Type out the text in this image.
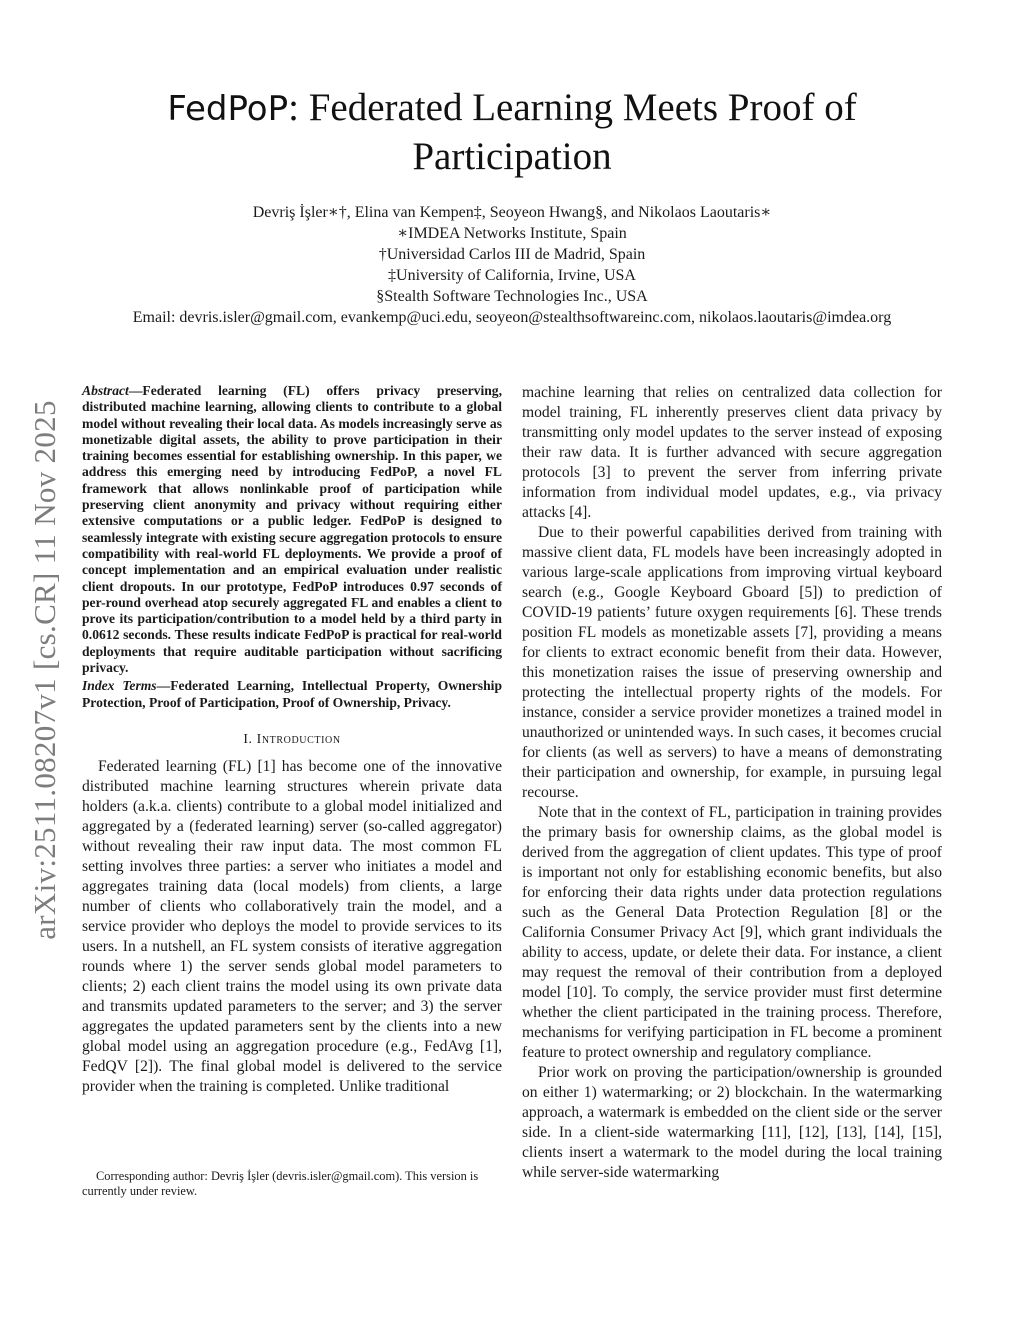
arXiv:2511.08207v1 [cs.CR] 11 Nov 2025
FedPoP: Federated Learning Meets Proof of Participation
Devriş İşler∗†, Elina van Kempen‡, Seoyeon Hwang§, and Nikolaos Laoutaris∗
∗IMDEA Networks Institute, Spain
†Universidad Carlos III de Madrid, Spain
‡University of California, Irvine, USA
§Stealth Software Technologies Inc., USA
Email: devris.isler@gmail.com, evankemp@uci.edu, seoyeon@stealthsoftwareinc.com, nikolaos.laoutaris@imdea.org

Abstract—Federated learning (FL) offers privacy preserving, distributed machine learning, allowing clients to contribute to a global model without revealing their local data. As models increasingly serve as monetizable digital assets, the ability to prove participation in their training becomes essential for establishing ownership. In this paper, we address this emerging need by introducing FedPoP, a novel FL framework that allows nonlinkable proof of participation while preserving client anonymity and privacy without requiring either extensive computations or a public ledger. FedPoP is designed to seamlessly integrate with existing secure aggregation protocols to ensure compatibility with real-world FL deployments. We provide a proof of concept implementation and an empirical evaluation under realistic client dropouts. In our prototype, FedPoP introduces 0.97 seconds of per-round overhead atop securely aggregated FL and enables a client to prove its participation/contribution to a model held by a third party in 0.0612 seconds. These results indicate FedPoP is practical for real-world deployments that require auditable participation without sacrificing privacy.

Index Terms—Federated Learning, Intellectual Property, Ownership Protection, Proof of Participation, Proof of Ownership, Privacy.

I. Introduction

Federated learning (FL) [1] has become one of the innovative distributed machine learning structures wherein private data holders (a.k.a. clients) contribute to a global model initialized and aggregated by a (federated learning) server (so-called aggregator) without revealing their raw input data. The most common FL setting involves three parties: a server who initiates a model and aggregates training data (local models) from clients, a large number of clients who collaboratively train the model, and a service provider who deploys the model to provide services to its users. In a nutshell, an FL system consists of iterative aggregation rounds where 1) the server sends global model parameters to clients; 2) each client trains the model using its own private data and transmits updated parameters to the server; and 3) the server aggregates the updated parameters sent by the clients into a new global model using an aggregation procedure (e.g., FedAvg [1], FedQV [2]). The final global model is delivered to the service provider when the training is completed. Unlike traditional

Corresponding author: Devriş İşler (devris.isler@gmail.com). This version is currently under review.

machine learning that relies on centralized data collection for model training, FL inherently preserves client data privacy by transmitting only model updates to the server instead of exposing their raw data. It is further advanced with secure aggregation protocols [3] to prevent the server from inferring private information from individual model updates, e.g., via privacy attacks [4].

Due to their powerful capabilities derived from training with massive client data, FL models have been increasingly adopted in various large-scale applications from improving virtual keyboard search (e.g., Google Keyboard Gboard [5]) to prediction of COVID-19 patients’ future oxygen requirements [6]. These trends position FL models as monetizable assets [7], providing a means for clients to extract economic benefit from their data. However, this monetization raises the issue of preserving ownership and protecting the intellectual property rights of the models. For instance, consider a service provider monetizes a trained model in unauthorized or unintended ways. In such cases, it becomes crucial for clients (as well as servers) to have a means of demonstrating their participation and ownership, for example, in pursuing legal recourse.

Note that in the context of FL, participation in training provides the primary basis for ownership claims, as the global model is derived from the aggregation of client updates. This type of proof is important not only for establishing economic benefits, but also for enforcing their data rights under data protection regulations such as the General Data Protection Regulation [8] or the California Consumer Privacy Act [9], which grant individuals the ability to access, update, or delete their data. For instance, a client may request the removal of their contribution from a deployed model [10]. To comply, the service provider must first determine whether the client participated in the training process. Therefore, mechanisms for verifying participation in FL become a prominent feature to protect ownership and regulatory compliance.

Prior work on proving the participation/ownership is grounded on either 1) watermarking; or 2) blockchain. In the watermarking approach, a watermark is embedded on the client side or the server side. In a client-side watermarking [11], [12], [13], [14], [15], clients insert a watermark to the model during the local training while server-side watermarking
